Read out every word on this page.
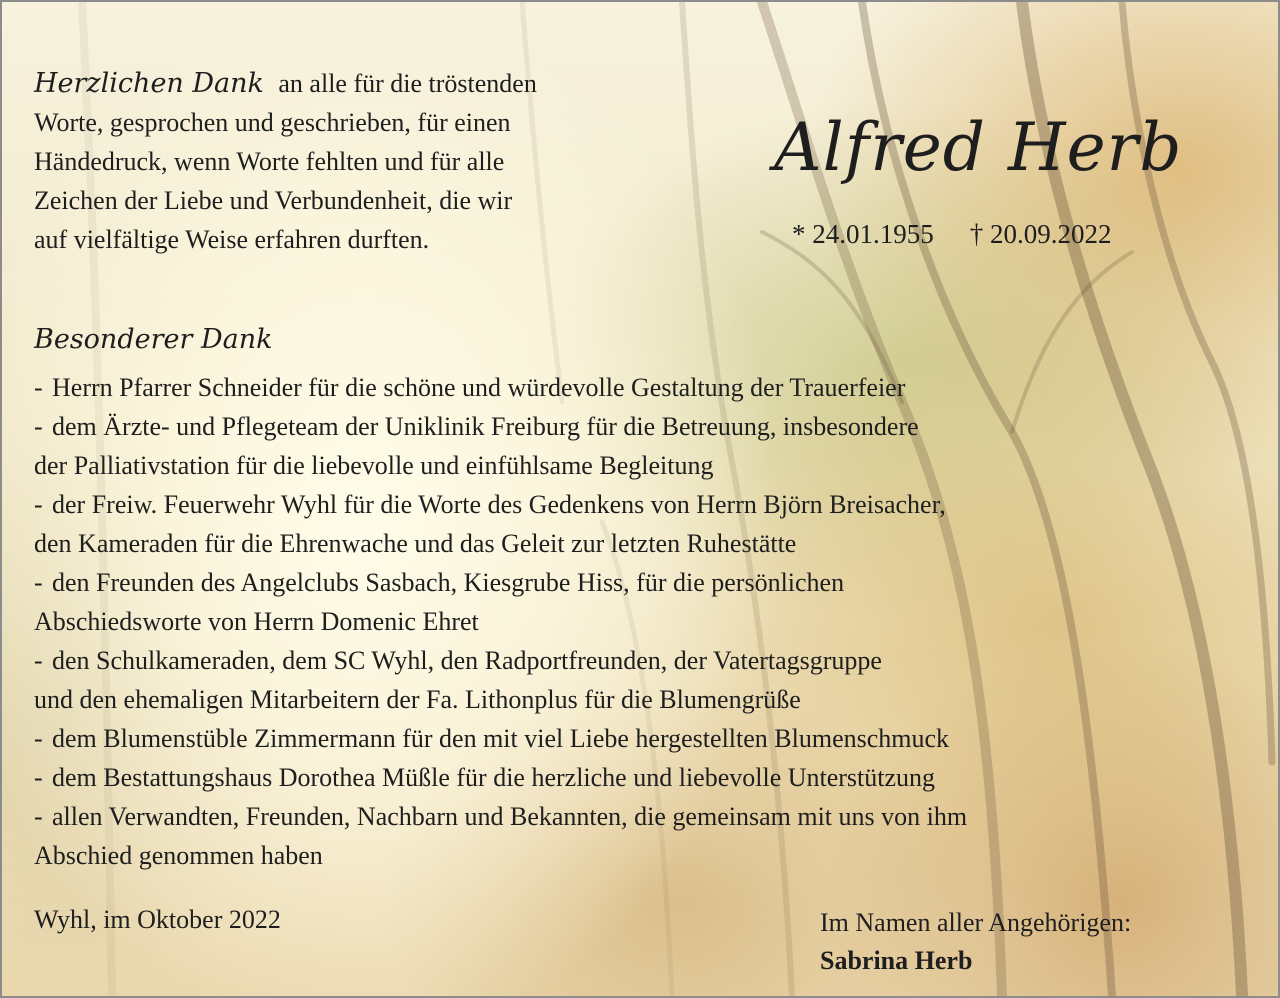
Herzlichen Dank an alle für die tröstenden
Worte, gesprochen und geschrieben, für einen
Händedruck, wenn Worte fehlten und für alle
Zeichen der Liebe und Verbundenheit, die wir
auf vielfältige Weise erfahren durften.
Alfred Herb
* 24.01.1955 † 20.09.2022
Besonderer Dank
- Herrn Pfarrer Schneider für die schöne und würdevolle Gestaltung der Trauerfeier
- dem Ärzte- und Pflegeteam der Uniklinik Freiburg für die Betreuung, insbesondere
der Palliativstation für die liebevolle und einfühlsame Begleitung
- der Freiw. Feuerwehr Wyhl für die Worte des Gedenkens von Herrn Björn Breisacher,
den Kameraden für die Ehrenwache und das Geleit zur letzten Ruhestätte
- den Freunden des Angelclubs Sasbach, Kiesgrube Hiss, für die persönlichen
Abschiedsworte von Herrn Domenic Ehret
- den Schulkameraden, dem SC Wyhl, den Radportfreunden, der Vatertagsgruppe
und den ehemaligen Mitarbeitern der Fa. Lithonplus für die Blumengrüße
- dem Blumenstüble Zimmermann für den mit viel Liebe hergestellten Blumenschmuck
- dem Bestattungshaus Dorothea Müßle für die herzliche und liebevolle Unterstützung
- allen Verwandten, Freunden, Nachbarn und Bekannten, die gemeinsam mit uns von ihm
Abschied genommen haben
Wyhl, im Oktober 2022	Im Namen aller Angehörigen:
Sabrina Herb
